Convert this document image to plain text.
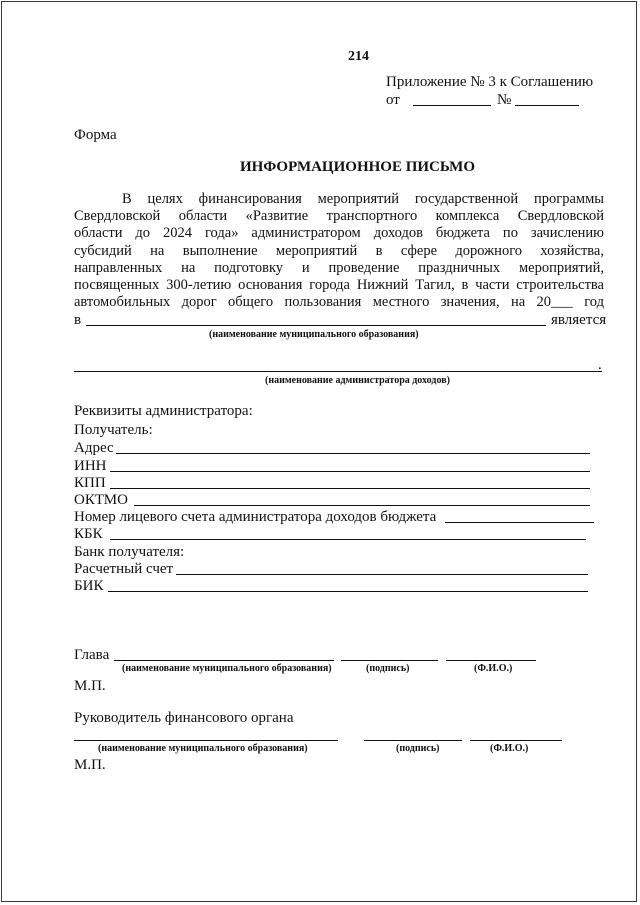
214
Приложение № 3 к Соглашению
от	№
Форма
ИНФОРМАЦИОННОЕ ПИСЬМО
В целях финансирования мероприятий государственной программы
Свердловской области «Развитие транспортного комплекса Свердловской
области до 2024 года» администратором доходов бюджета по зачислению
субсидий на выполнение мероприятий в сфере дорожного хозяйства,
направленных на подготовку и проведение праздничных мероприятий,
посвященных 300-летию основания города Нижний Тагил, в части строительства
автомобильных дорог общего пользования местного значения, на 20___ год
в	является
(наименование муниципального образования)
.
(наименование администратора доходов)
Реквизиты администратора:
Получатель:
Адрес
ИНН
КПП
ОКТМО
Номер лицевого счета администратора доходов бюджета
КБК
Банк получателя:
Расчетный счет
БИК
Глава
(наименование муниципального образования)	(подпись)	(Ф.И.О.)
М.П.
Руководитель финансового органа
(наименование муниципального образования)	(подпись)	(Ф.И.О.)
М.П.
